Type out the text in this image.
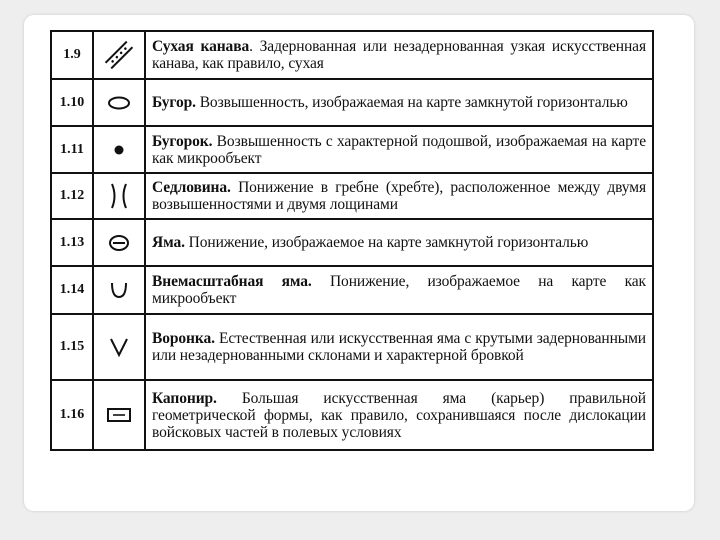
1.9		Сухая канава. Задернованная или незадернованная узкая искусственная канава, как правило, сухая
1.10		Бугор. Возвышенность, изображаемая на карте замкнутой горизонталью
1.11		Бугорок. Возвышенность с характерной подошвой, изображаемая на карте как микрообъект
1.12		Седловина. Понижение в гребне (хребте), расположенное между двумя возвышенностями и двумя лощинами
1.13		Яма. Понижение, изображаемое на карте замкнутой горизонталью
1.14		Внемасштабная яма. Понижение, изображаемое на карте как микрообъект
1.15		Воронка. Естественная или искусственная яма с крутыми задернованными или незадернованными склонами и характерной бровкой
1.16		Капонир. Большая искусственная яма (карьер) правильной геометрической формы, как правило, сохранившаяся после дислокации войсковых частей в полевых условиях
